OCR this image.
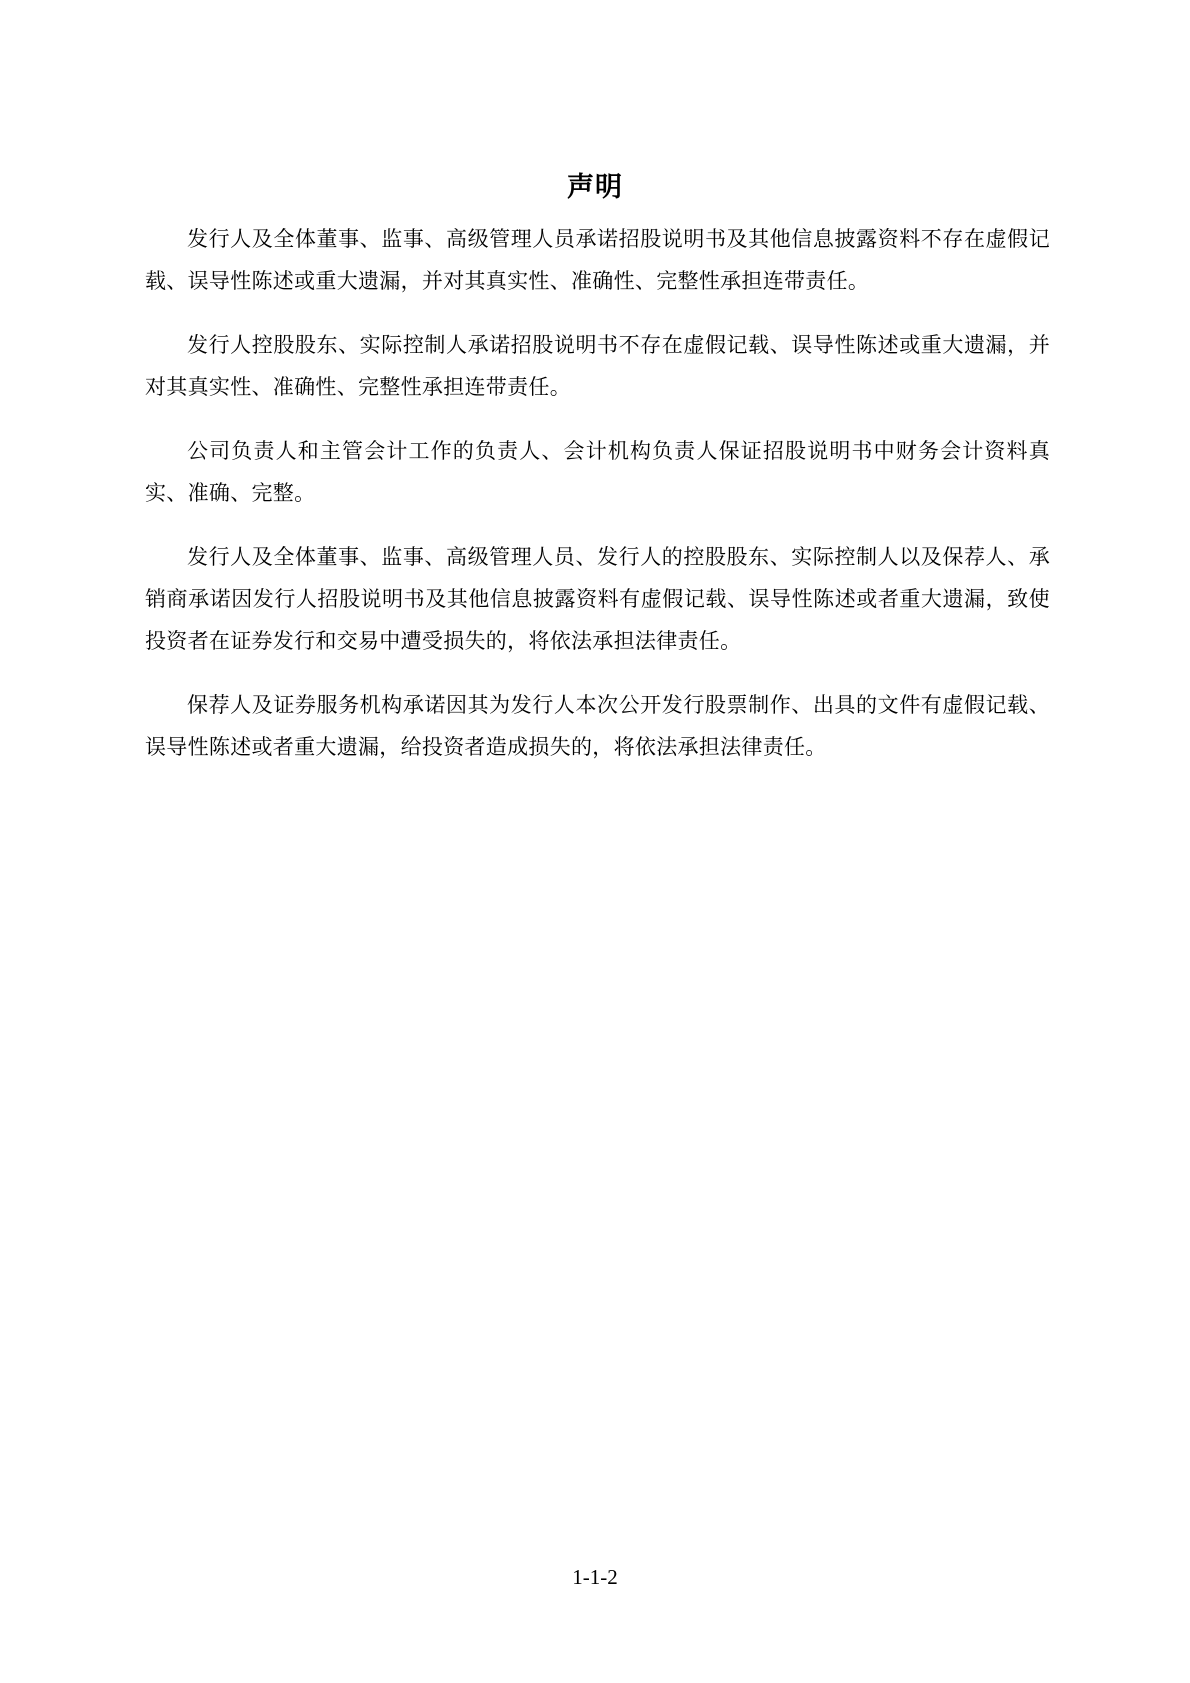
声明

发行人及全体董事、监事、高级管理人员承诺招股说明书及其他信息披露资料不存在虚假记载、误导性陈述或重大遗漏，并对其真实性、准确性、完整性承担连带责任。

发行人控股股东、实际控制人承诺招股说明书不存在虚假记载、误导性陈述或重大遗漏，并对其真实性、准确性、完整性承担连带责任。

公司负责人和主管会计工作的负责人、会计机构负责人保证招股说明书中财务会计资料真实、准确、完整。

发行人及全体董事、监事、高级管理人员、发行人的控股股东、实际控制人以及保荐人、承销商承诺因发行人招股说明书及其他信息披露资料有虚假记载、误导性陈述或者重大遗漏，致使投资者在证券发行和交易中遭受损失的，将依法承担法律责任。

保荐人及证券服务机构承诺因其为发行人本次公开发行股票制作、出具的文件有虚假记载、误导性陈述或者重大遗漏，给投资者造成损失的，将依法承担法律责任。

1-1-2
